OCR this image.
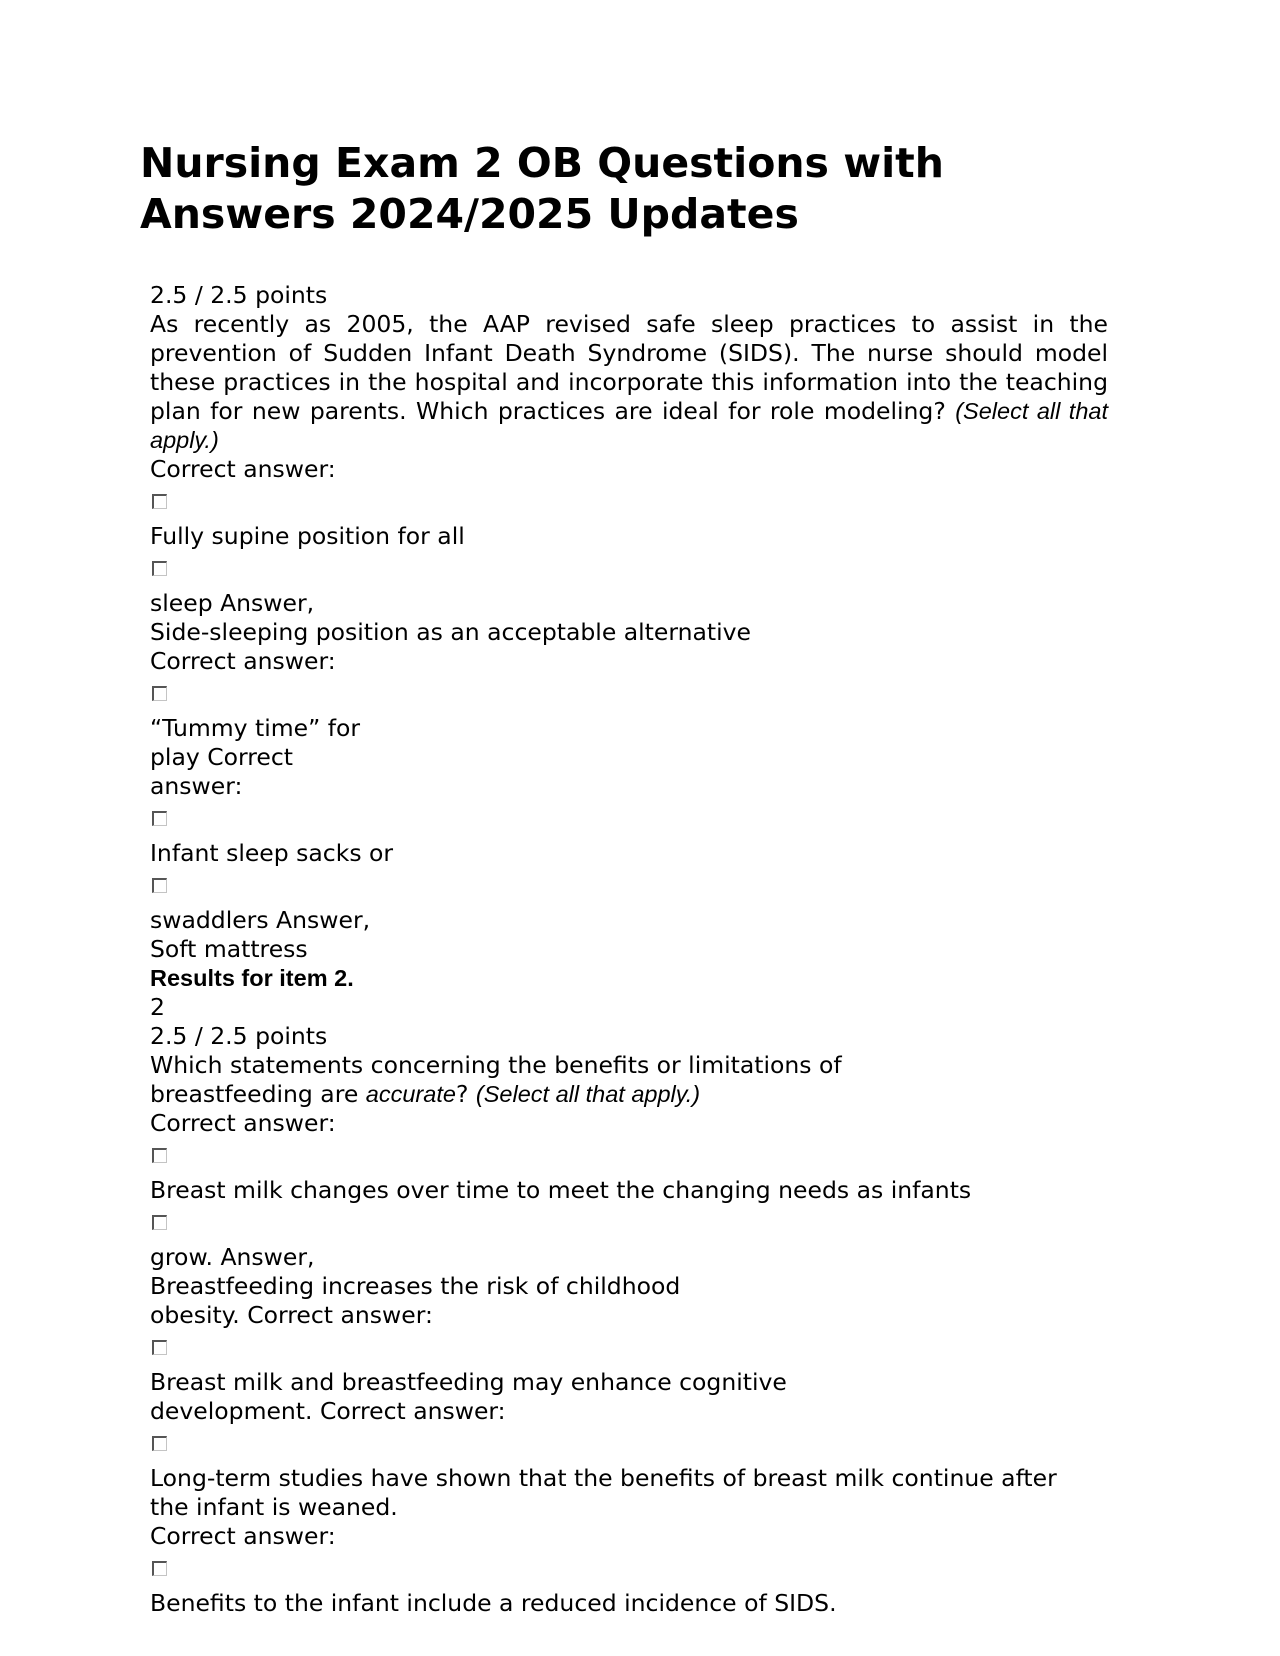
Nursing Exam 2 OB Questions with Answers 2024/2025 Updates
2.5 / 2.5 points
As recently as 2005, the AAP revised safe sleep practices to assist in the prevention of Sudden Infant Death Syndrome (SIDS). The nurse should model these practices in the hospital and incorporate this information into the teaching plan for new parents. Which practices are ideal for role modeling? (Select all that apply.)
Correct answer:
Fully supine position for all
sleep Answer,
Side-sleeping position as an acceptable alternative
Correct answer:
“Tummy time” for
play Correct
answer:
Infant sleep sacks or
swaddlers Answer,
Soft mattress
Results for item 2.
2
2.5 / 2.5 points
Which statements concerning the benefits or limitations of
breastfeeding are accurate? (Select all that apply.)
Correct answer:
Breast milk changes over time to meet the changing needs as infants
grow. Answer,
Breastfeeding increases the risk of childhood
obesity. Correct answer:
Breast milk and breastfeeding may enhance cognitive
development. Correct answer:
Long-term studies have shown that the benefits of breast milk continue after
the infant is weaned.
Correct answer:
Benefits to the infant include a reduced incidence of SIDS.
